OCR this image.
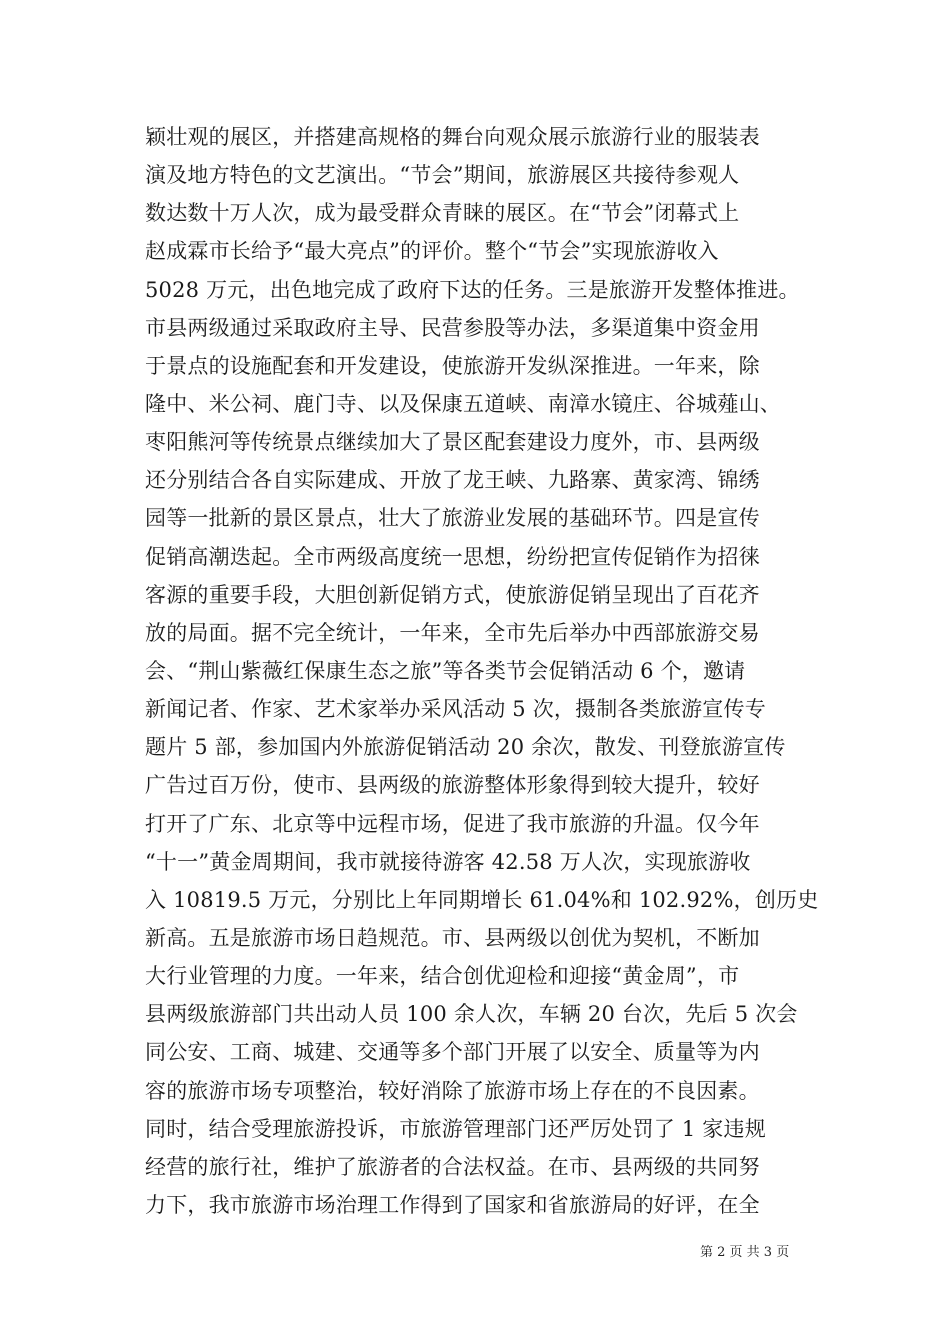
颖壮观的展区，并搭建高规格的舞台向观众展示旅游行业的服装表
演及地方特色的文艺演出。“节会”期间，旅游展区共接待参观人
数达数十万人次，成为最受群众青睐的展区。在“节会”闭幕式上
赵成霖市长给予“最大亮点”的评价。整个“节会”实现旅游收入
5028 万元，出色地完成了政府下达的任务。三是旅游开发整体推进。
市县两级通过采取政府主导、民营参股等办法，多渠道集中资金用
于景点的设施配套和开发建设，使旅游开发纵深推进。一年来，除
隆中、米公祠、鹿门寺、以及保康五道峡、南漳水镜庄、谷城薤山、
枣阳熊河等传统景点继续加大了景区配套建设力度外，市、县两级
还分别结合各自实际建成、开放了龙王峡、九路寨、黄家湾、锦绣
园等一批新的景区景点，壮大了旅游业发展的基础环节。四是宣传
促销高潮迭起。全市两级高度统一思想，纷纷把宣传促销作为招徕
客源的重要手段，大胆创新促销方式，使旅游促销呈现出了百花齐
放的局面。据不完全统计，一年来，全市先后举办中西部旅游交易
会、“荆山紫薇红保康生态之旅”等各类节会促销活动 6 个，邀请
新闻记者、作家、艺术家举办采风活动 5 次，摄制各类旅游宣传专
题片 5 部，参加国内外旅游促销活动 20 余次，散发、刊登旅游宣传
广告过百万份，使市、县两级的旅游整体形象得到较大提升，较好
打开了广东、北京等中远程市场，促进了我市旅游的升温。仅今年
“十一”黄金周期间，我市就接待游客 42.58 万人次，实现旅游收
入 10819.5 万元，分别比上年同期增长 61.04%和 102.92%，创历史
新高。五是旅游市场日趋规范。市、县两级以创优为契机，不断加
大行业管理的力度。一年来，结合创优迎检和迎接“黄金周”，市
县两级旅游部门共出动人员 100 余人次，车辆 20 台次，先后 5 次会
同公安、工商、城建、交通等多个部门开展了以安全、质量等为内
容的旅游市场专项整治，较好消除了旅游市场上存在的不良因素。
同时，结合受理旅游投诉，市旅游管理部门还严厉处罚了 1 家违规
经营的旅行社，维护了旅游者的合法权益。在市、县两级的共同努
力下，我市旅游市场治理工作得到了国家和省旅游局的好评，在全
第 2 页 共 3 页
